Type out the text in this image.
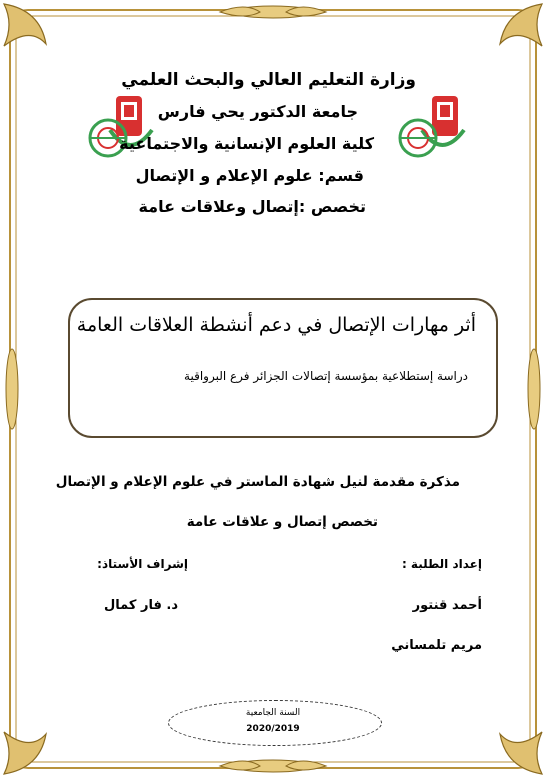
وزارة التعليم العالي والبحث العلمي
جامعة الدكتور يحي فارس
كلية العلوم الإنسانية والاجتماعية
قسم: علوم الإعلام و الإتصال
تخصص :إتصال وعلاقات عامة
أثر مهارات الإتصال في دعم أنشطة العلاقات العامة
دراسة إستطلاعية بمؤسسة إتصالات الجزائر فرع البرواقية
مذكرة مقدمة لنيل شهادة الماستر في علوم الإعلام و الإتصال
تخصص إتصال و علاقات عامة
إعداد الطلبة :
أحمد قنتور
مريم تلمساني
إشراف الأستاذ:
د. فار كمال
السنة الجامعية
2020/2019
